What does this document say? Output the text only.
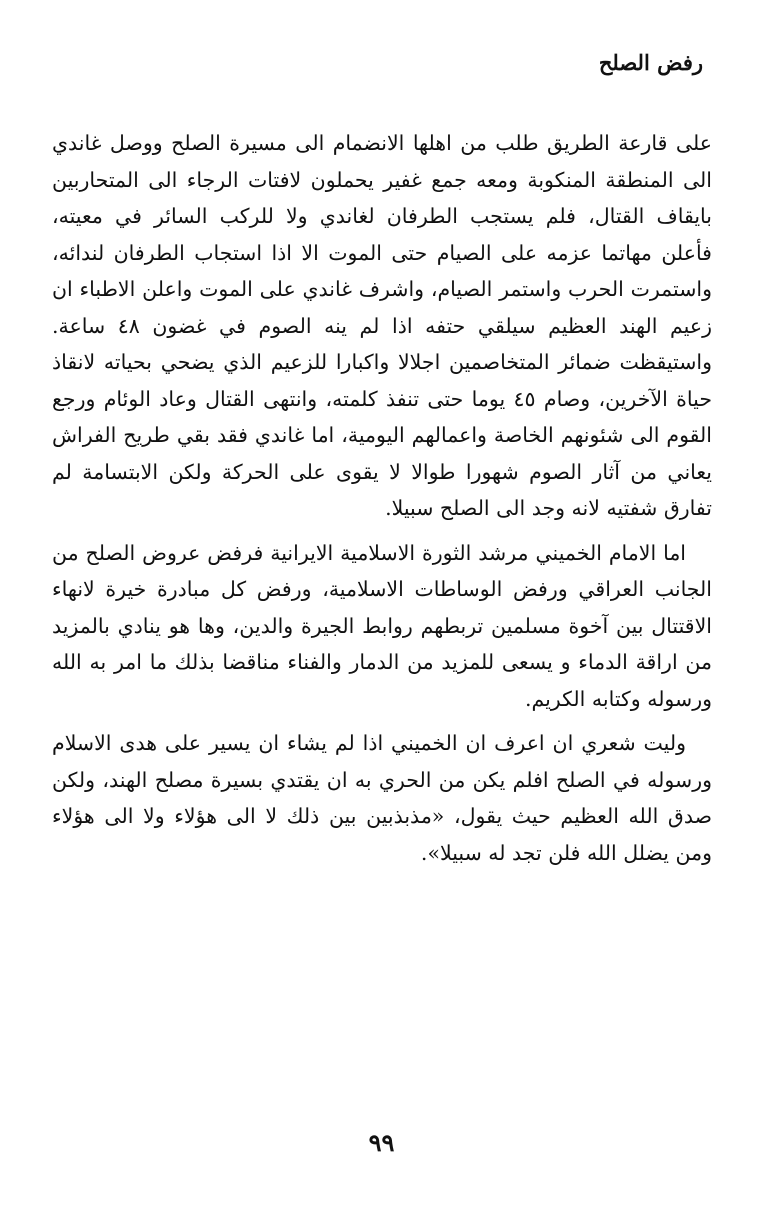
رفض الصلح

على قارعة الطريق طلب من اهلها الانضمام الى مسيرة الصلح ووصل غاندي الى المنطقة المنكوبة ومعه جمع غفير يحملون لافتات الرجاء الى المتحاربين بايقاف القتال، فلم يستجب الطرفان لغاندي ولا للركب السائر في معيته، فأعلن مهاتما عزمه على الصيام حتى الموت الا اذا استجاب الطرفان لندائه، واستمرت الحرب واستمر الصيام، واشرف غاندي على الموت واعلن الاطباء ان زعيم الهند العظيم سيلقي حتفه اذا لم ينه الصوم في غضون ٤٨ ساعة. واستيقظت ضمائر المتخاصمين اجلالا واكبارا للزعيم الذي يضحي بحياته لانقاذ حياة الآخرين، وصام ٤٥ يوما حتى تنفذ كلمته، وانتهى القتال وعاد الوئام ورجع القوم الى شئونهم الخاصة واعمالهم اليومية، اما غاندي فقد بقي طريح الفراش يعاني من آثار الصوم شهورا طوالا لا يقوى على الحركة ولكن الابتسامة لم تفارق شفتيه لانه وجد الى الصلح سبيلا.

اما الامام الخميني مرشد الثورة الاسلامية الايرانية فرفض عروض الصلح من الجانب العراقي ورفض الوساطات الاسلامية، ورفض كل مبادرة خيرة لانهاء الاقتتال بين آخوة مسلمين تربطهم روابط الجيرة والدين، وها هو ينادي بالمزيد من اراقة الدماء و يسعى للمزيد من الدمار والفناء مناقضا بذلك ما امر به الله ورسوله وكتابه الكريم.

وليت شعري ان اعرف ان الخميني اذا لم يشاء ان يسير على هدى الاسلام ورسوله في الصلح افلم يكن من الحري به ان يقتدي بسيرة مصلح الهند، ولكن صدق الله العظيم حيث يقول، «مذبذبين بين ذلك لا الى هؤلاء ولا الى هؤلاء ومن يضلل الله فلن تجد له سبيلا».

٩٩
